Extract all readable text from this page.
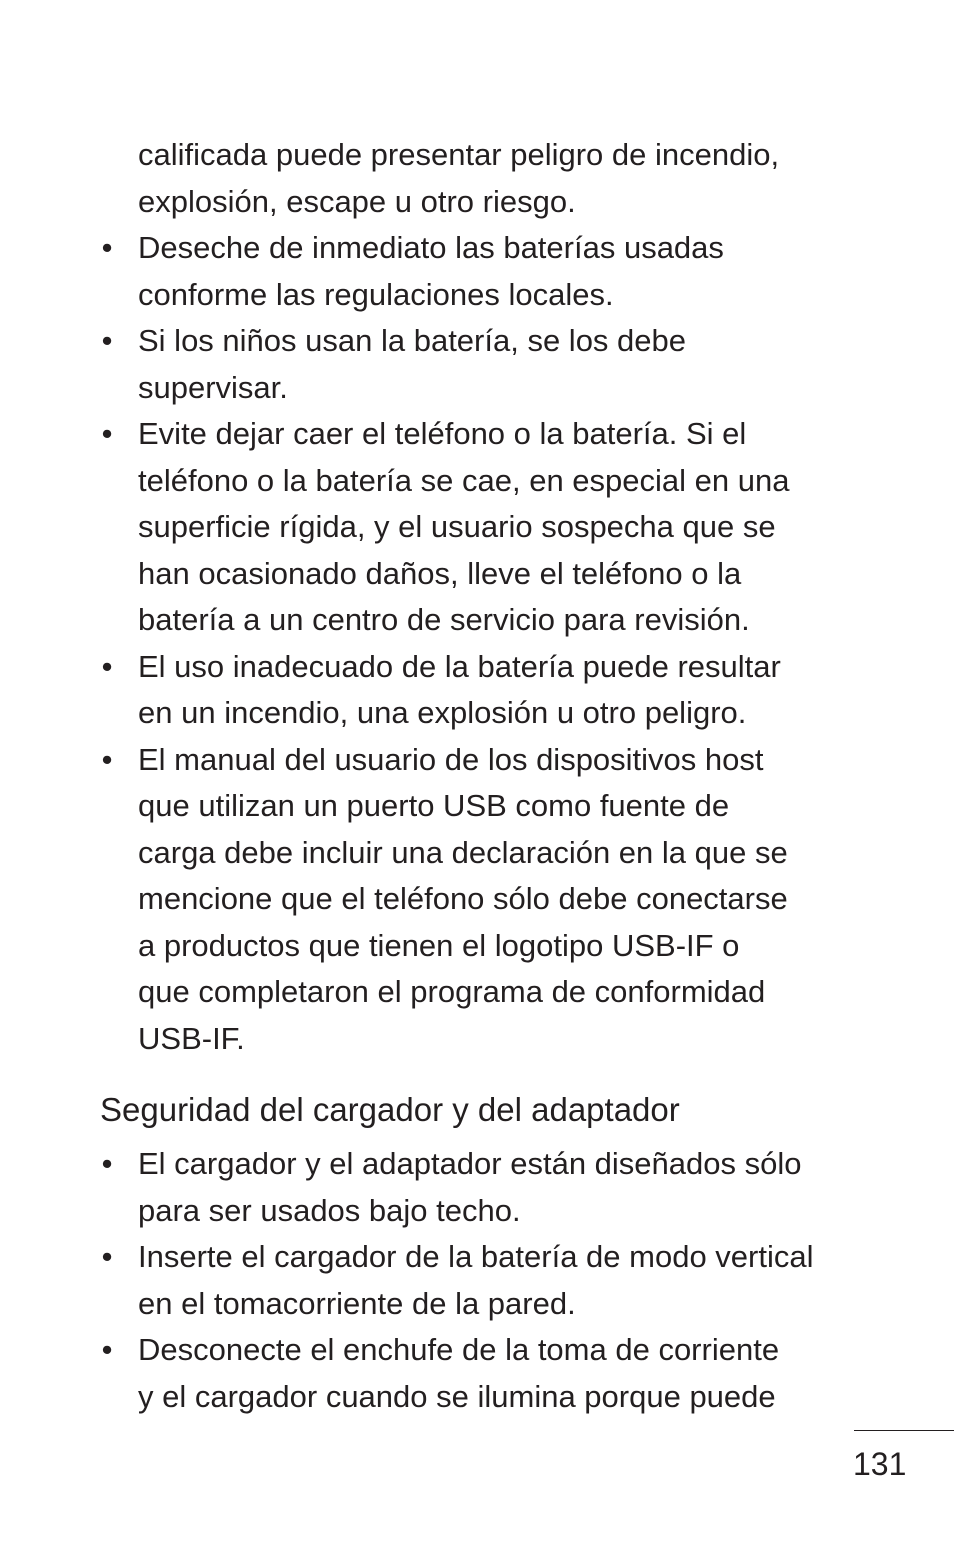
calificada puede presentar peligro de incendio,
explosión, escape u otro riesgo.

• Deseche de inmediato las baterías usadas
conforme las regulaciones locales.
• Si los niños usan la batería, se los debe
supervisar.
• Evite dejar caer el teléfono o la batería. Si el
teléfono o la batería se cae, en especial en una
superficie rígida, y el usuario sospecha que se
han ocasionado daños, lleve el teléfono o la
batería a un centro de servicio para revisión.
• El uso inadecuado de la batería puede resultar
en un incendio, una explosión u otro peligro.
• El manual del usuario de los dispositivos host
que utilizan un puerto USB como fuente de
carga debe incluir una declaración en la que se
mencione que el teléfono sólo debe conectarse
a productos que tienen el logotipo USB-IF o
que completaron el programa de conformidad
USB-IF.
Seguridad del cargador y del adaptador
• El cargador y el adaptador están diseñados sólo
para ser usados bajo techo.
• Inserte el cargador de la batería de modo vertical
en el tomacorriente de la pared.
• Desconecte el enchufe de la toma de corriente
y el cargador cuando se ilumina porque puede
131
